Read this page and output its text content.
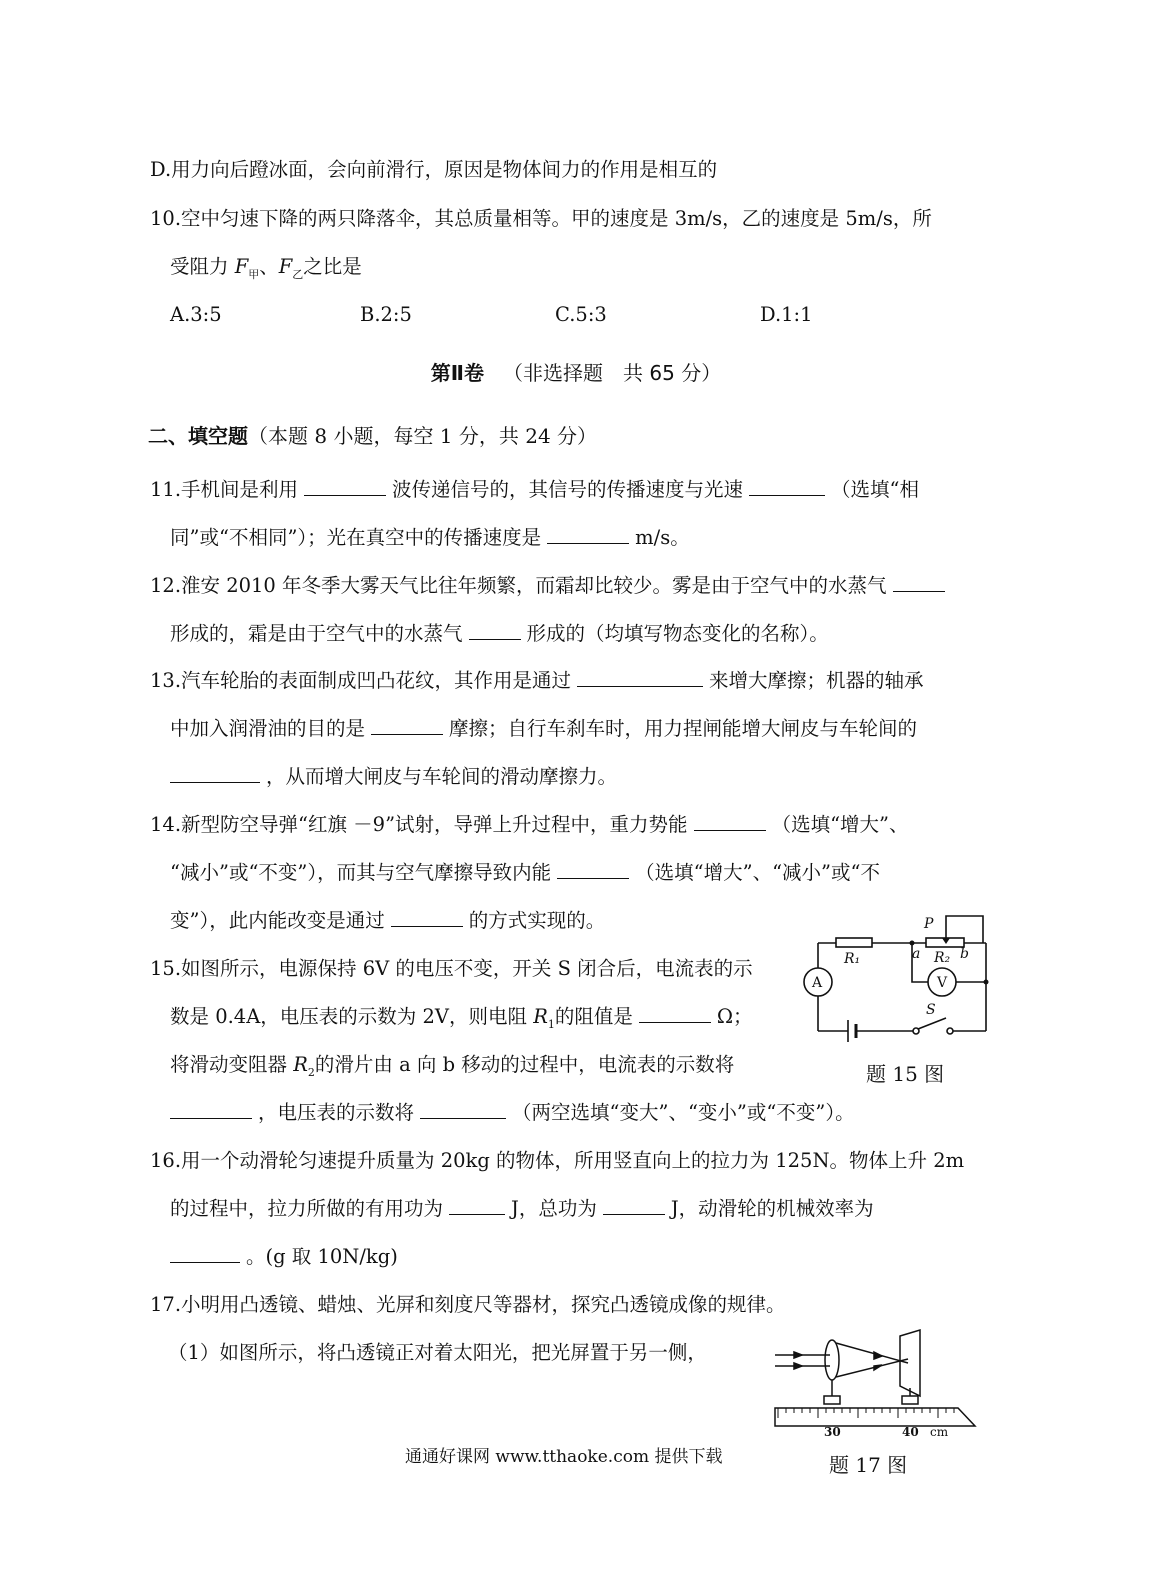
D.用力向后蹬冰面，会向前滑行，原因是物体间力的作用是相互的
10.空中匀速下降的两只降落伞，其总质量相等。甲的速度是 3m/s，乙的速度是 5m/s，所
受阻力 $F_甲$、$F_乙$之比是
A.3:5	B.2:5	C.5:3	D.1:1
第Ⅱ卷 （非选择题　共 65 分）
二、填空题（本题 8 小题，每空 1 分，共 24 分）
11.手机间是利用	波传递信号的，其信号的传播速度与光速	（选填“相
同”或“不相同”）；光在真空中的传播速度是	m/s。
12.淮安 2010 年冬季大雾天气比往年频繁，而霜却比较少。雾是由于空气中的水蒸气
形成的，霜是由于空气中的水蒸气	形成的（均填写物态变化的名称）。
13.汽车轮胎的表面制成凹凸花纹，其作用是通过	来增大摩擦；机器的轴承
中加入润滑油的目的是	摩擦；自行车刹车时，用力捏闸能增大闸皮与车轮间的
，从而增大闸皮与车轮间的滑动摩擦力。
14.新型防空导弹“红旗 －9”试射，导弹上升过程中，重力势能	（选填“增大”、
“减小”或“不变”），而其与空气摩擦导致内能	（选填“增大”、“减小”或“不
变”），此内能改变是通过	的方式实现的。
15.如图所示，电源保持 6V 的电压不变，开关 S 闭合后，电流表的示
数是 0.4A，电压表的示数为 2V，则电阻 $R_1$的阻值是	Ω；
将滑动变阻器 $R_2$的滑片由 a 向 b 移动的过程中，电流表的示数将
，电压表的示数将	（两空选填“变大”、“变小”或“不变”）。
P
R₁	a R₂ b
A	V
S
题 15 图
16.用一个动滑轮匀速提升质量为 20kg 的物体，所用竖直向上的拉力为 125N。物体上升 2m
的过程中，拉力所做的有用功为	J，总功为	J，动滑轮的机械效率为
。(g 取 10N/kg)
17.小明用凸透镜、蜡烛、光屏和刻度尺等器材，探究凸透镜成像的规律。
（1）如图所示，将凸透镜正对着太阳光，把光屏置于另一侧，
30	40 cm
题 17 图
通通好课网 www.tthaoke.com 提供下载
